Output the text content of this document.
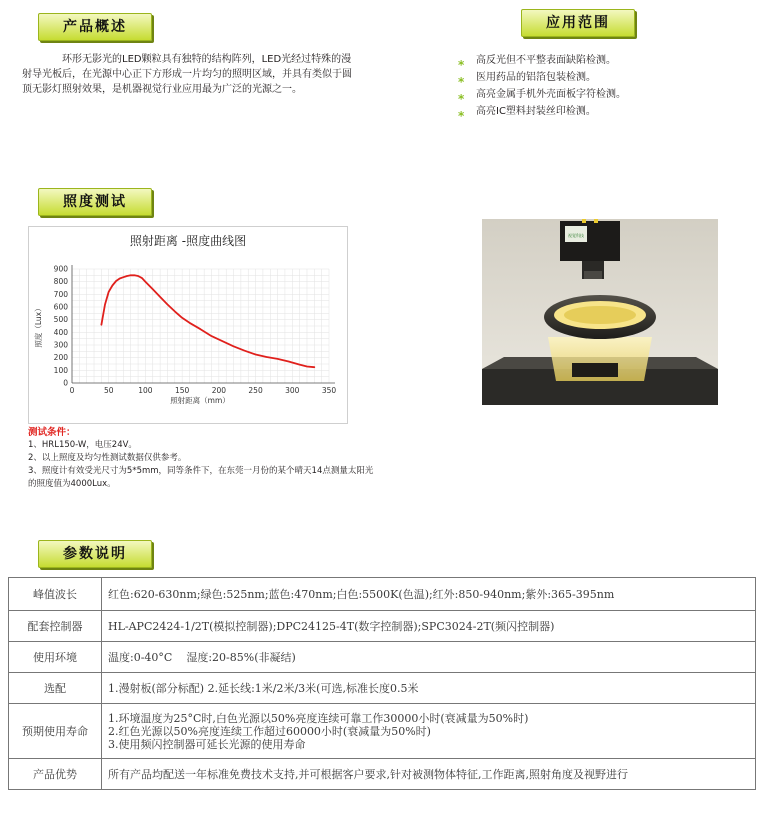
产品概述
环形无影光的LED颗粒具有独特的结构阵列，LED光经过特殊的漫射导光板后，在光源中心正下方形成一片均匀的照明区域，并具有类似于圆顶无影灯照射效果，是机器视觉行业应用最为广泛的光源之一。
应用范围
* 高反光但不平整表面缺陷检测。
* 医用药品的铝箔包装检测。
* 高亮金属手机外壳面板字符检测。
* 高亮IC塑料封装丝印检测。
照度测试
0	50	100	150	200	250	300	350
0
100
200
300
400
500
600
700
800
900
照射距离 -照度曲线图
照射距离（mm）
照度（Lux）
测试条件：
1、HRL150-W，电压24V。
2、以上照度及均匀性测试数据仅供参考。
3、照度计有效受光尺寸为5*5mm，同等条件下，在东莞一月份的某个晴天14点测量太阳光的照度值为4000Lux。
视觉科技
参数说明
峰值波长	红色:620-630nm;绿色:525nm;蓝色:470nm;白色:5500K(色温);红外:850-940nm;紫外:365-395nm

配套控制器	HL-APC2424-1/2T(模拟控制器);DPC24125-4T(数字控制器);SPC3024-2T(频闪控制器)

使用环境	温度:0-40°C    湿度:20-85%(非凝结)

选配	1.漫射板(部分标配) 2.延长线:1米/2米/3米(可选,标准长度0.5米

预期使用寿命	1.环境温度为25°C时,白色光源以50%亮度连续可靠工作30000小时(衰减量为50%时)
2.红色光源以50%亮度连续工作超过60000小时(衰减量为50%时)
3.使用频闪控制器可延长光源的使用寿命

产品优势	所有产品均配送一年标准免费技术支持,并可根据客户要求,针对被测物体特征,工作距离,照射角度及视野进行
